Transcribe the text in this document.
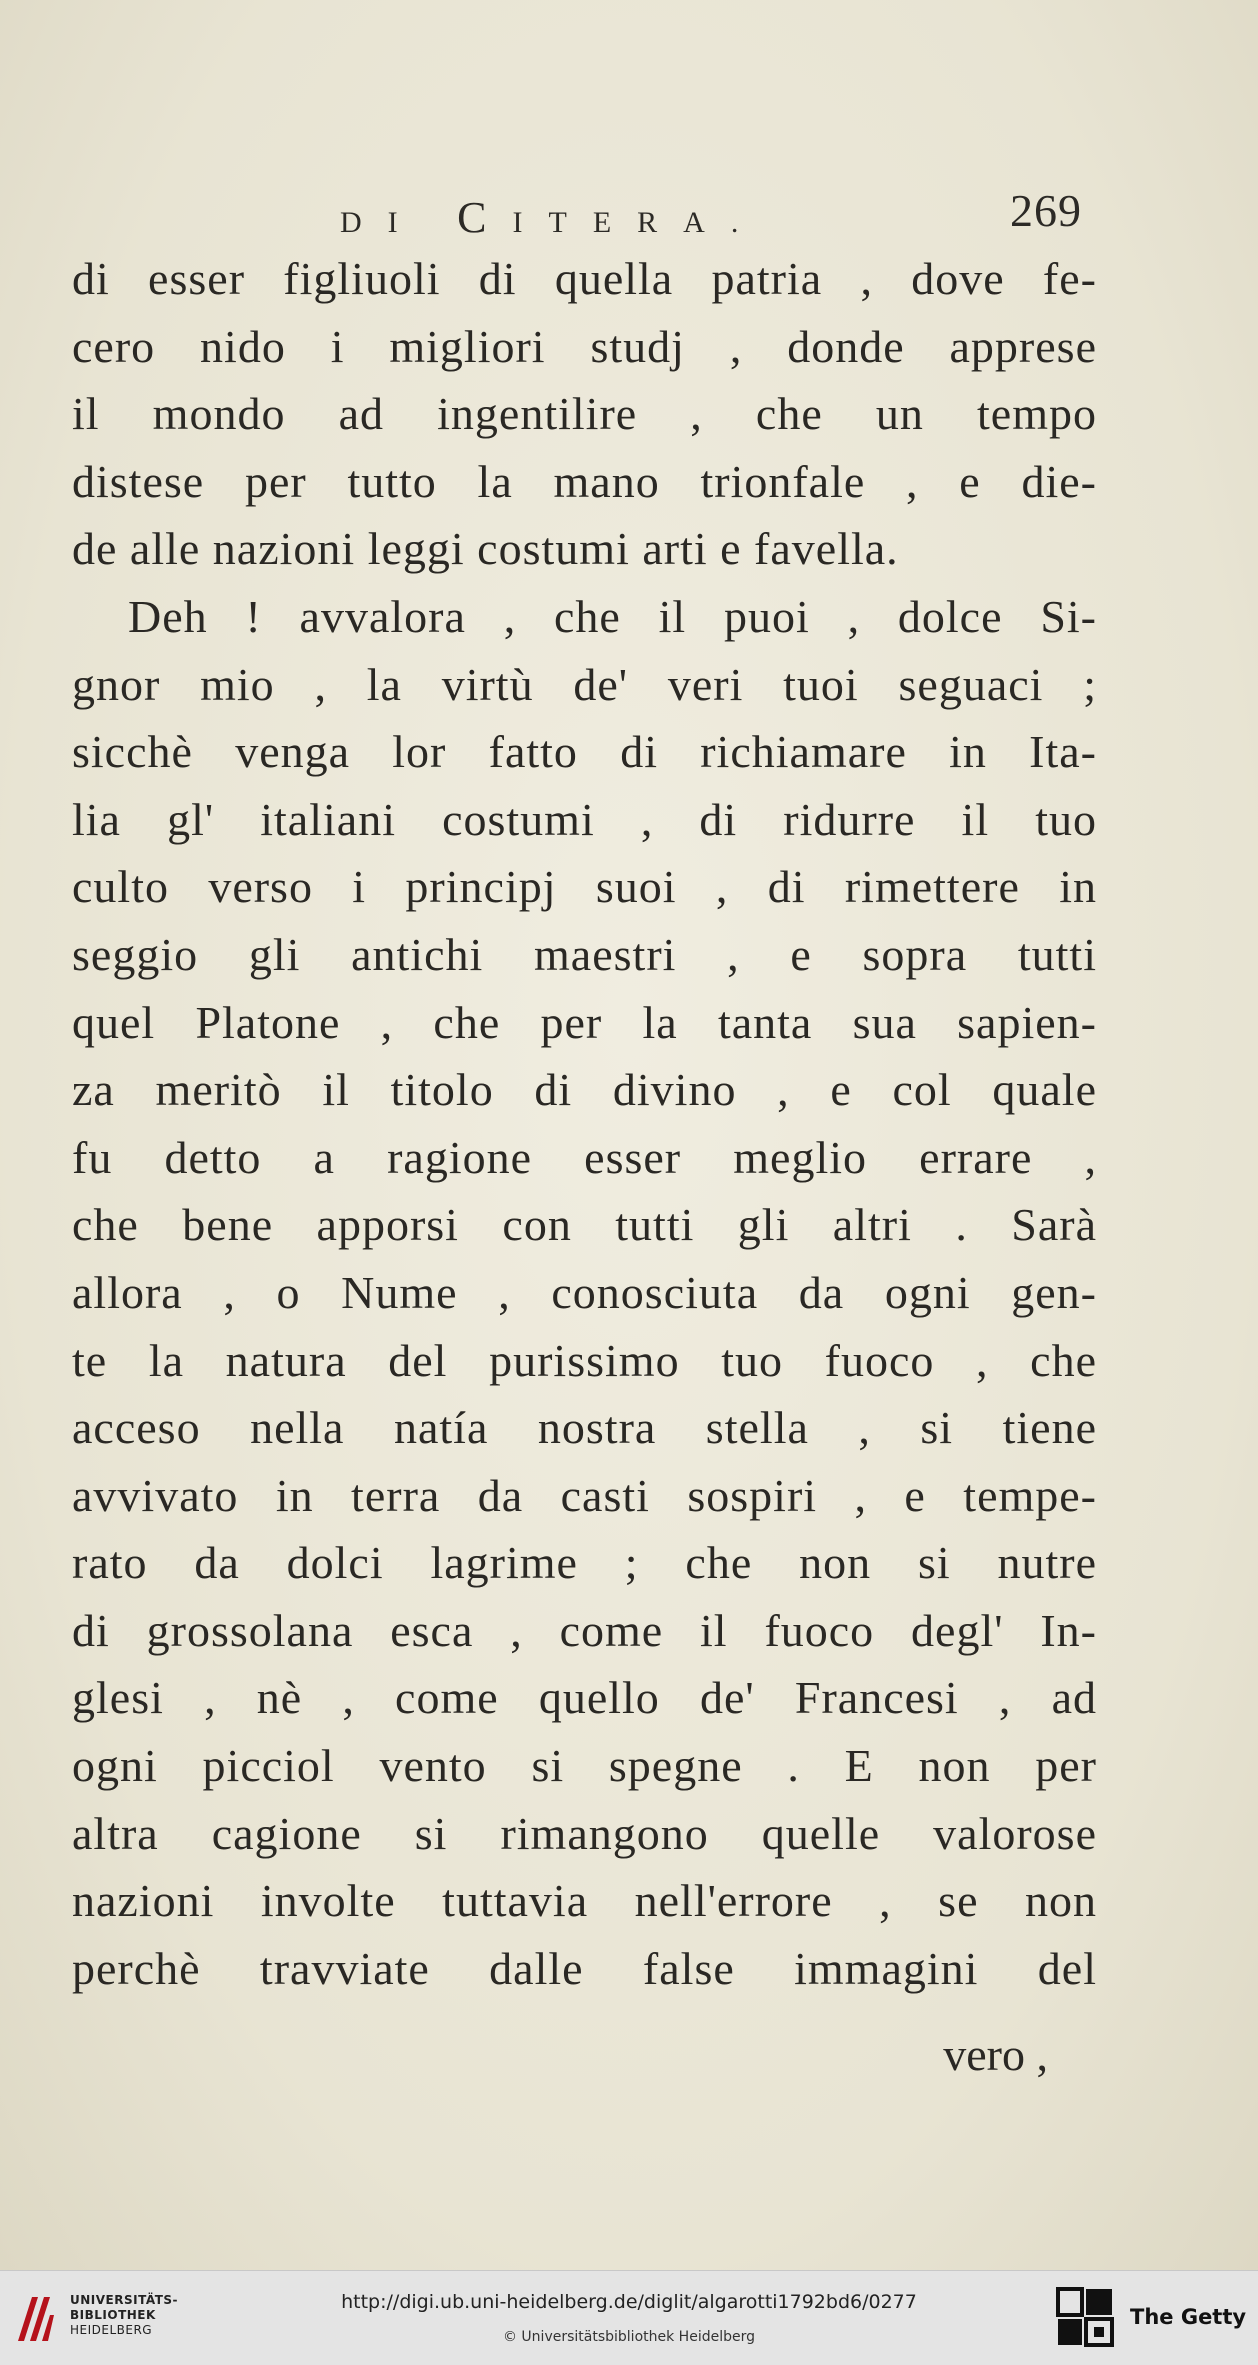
DI CITERA.	269
di esser figliuoli di quella patria , dove fe-
cero nido i migliori studj , donde apprese
il mondo ad ingentilire , che un tempo
distese per tutto la mano trionfale , e die-
de alle nazioni leggi costumi arti e favella.
Deh ! avvalora , che il puoi , dolce Si-
gnor mio , la virtù de' veri tuoi seguaci ;
sicchè venga lor fatto di richiamare in Ita-
lia gl' italiani costumi , di ridurre il tuo
culto verso i principj suoi , di rimettere in
seggio gli antichi maestri , e sopra tutti
quel Platone , che per la tanta sua sapien-
za meritò il titolo di divino , e col quale
fu detto a ragione esser meglio errare ,
che bene apporsi con tutti gli altri . Sarà
allora , o Nume , conosciuta da ogni gen-
te la natura del purissimo tuo fuoco , che
acceso nella natía nostra stella , si tiene
avvivato in terra da casti sospiri , e tempe-
rato da dolci lagrime ; che non si nutre
di grossolana esca , come il fuoco degl' In-
glesi , nè , come quello de' Francesi , ad
ogni picciol vento si spegne . E non per
altra cagione si rimangono quelle valorose
nazioni involte tuttavia nell'errore , se non
perchè travviate dalle false immagini del
vero ,
UNIVERSITÄTS-
BIBLIOTHEK
HEIDELBERG
http://digi.ub.uni-heidelberg.de/diglit/algarotti1792bd6/0277
© Universitätsbibliothek Heidelberg
The Getty
